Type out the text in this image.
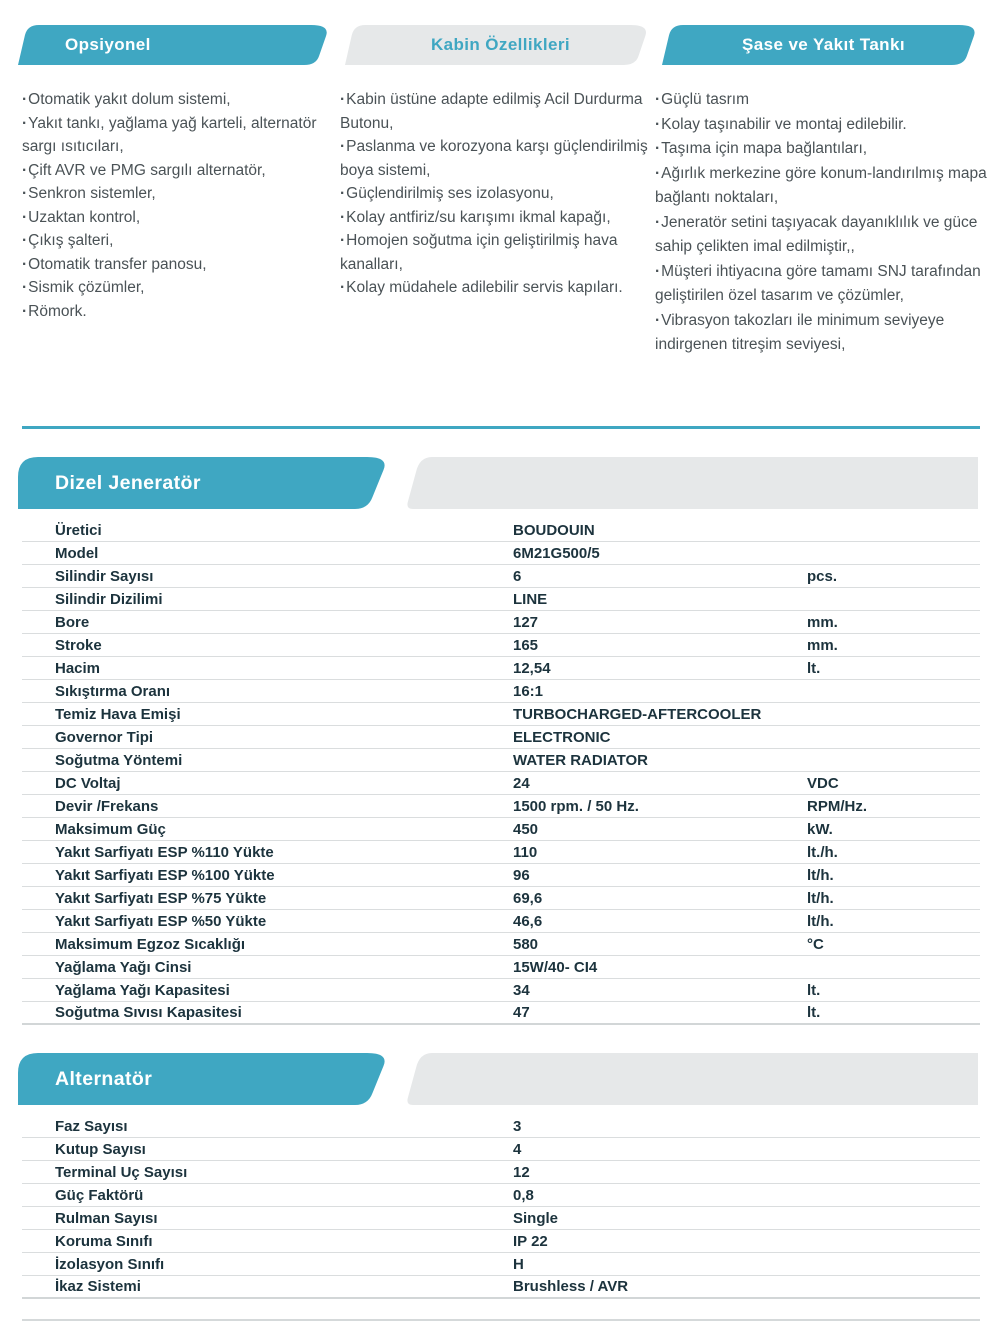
Opsiyonel	Kabin Özellikleri	Şase ve Yakıt Tankı

·Otomatik yakıt dolum sistemi,

·Yakıt tankı, yağlama yağ karteli, alternatör sargı ısıtıcıları,

·Çift AVR ve PMG sargılı alternatör,

·Senkron sistemler,

·Uzaktan kontrol,

·Çıkış şalteri,

·Otomatik transfer panosu,

·Sismik çözümler,

·Römork.

·Kabin üstüne adapte edilmiş Acil Durdurma Butonu,

·Paslanma ve korozyona karşı güçlendirilmiş boya sistemi,

·Güçlendirilmiş ses izolasyonu,

·Kolay antfiriz/su karışımı ikmal kapağı,

·Homojen soğutma için geliştirilmiş hava kanalları,

·Kolay müdahele adilebilir servis kapıları.

·Güçlü tasrım

·Kolay taşınabilir ve montaj edilebilir.

·Taşıma için mapa bağlantıları,

·Ağırlık merkezine göre konum-landırılmış mapa bağlantı noktaları,

·Jeneratör setini taşıyacak dayanıklılık ve güce sahip çelikten imal edilmiştir,,

·Müşteri ihtiyacına göre tamamı SNJ tarafından geliştirilen özel tasarım ve çözümler,

·Vibrasyon takozları ile minimum seviyeye indirgenen titreşim seviyesi,

Dizel Jeneratör
Üretici	BOUDOUIN
Model	6M21G500/5
Silindir Sayısı	6	pcs.
Silindir Dizilimi	LINE
Bore	127	mm.
Stroke	165	mm.
Hacim	12,54	lt.
Sıkıştırma Oranı	16:1
Temiz Hava Emişi	TURBOCHARGED-AFTERCOOLER
Governor Tipi	ELECTRONIC
Soğutma Yöntemi	WATER RADIATOR
DC Voltaj	24	VDC
Devir /Frekans	1500 rpm. / 50 Hz.	RPM/Hz.
Maksimum Güç	450	kW.
Yakıt Sarfiyatı ESP %110 Yükte	110	lt./h.
Yakıt Sarfiyatı ESP %100 Yükte	96	lt/h.
Yakıt Sarfiyatı ESP %75 Yükte	69,6	lt/h.
Yakıt Sarfiyatı ESP %50 Yükte	46,6	lt/h.
Maksimum Egzoz Sıcaklığı	580	°C
Yağlama Yağı Cinsi	15W/40- CI4
Yağlama Yağı Kapasitesi	34	lt.
Soğutma Sıvısı Kapasitesi	47	lt.
Alternatör
Faz Sayısı	3
Kutup Sayısı	4
Terminal Uç Sayısı	12
Güç Faktörü	0,8
Rulman Sayısı	Single
Koruma Sınıfı	IP 22
İzolasyon Sınıfı	H
İkaz Sistemi	Brushless / AVR
